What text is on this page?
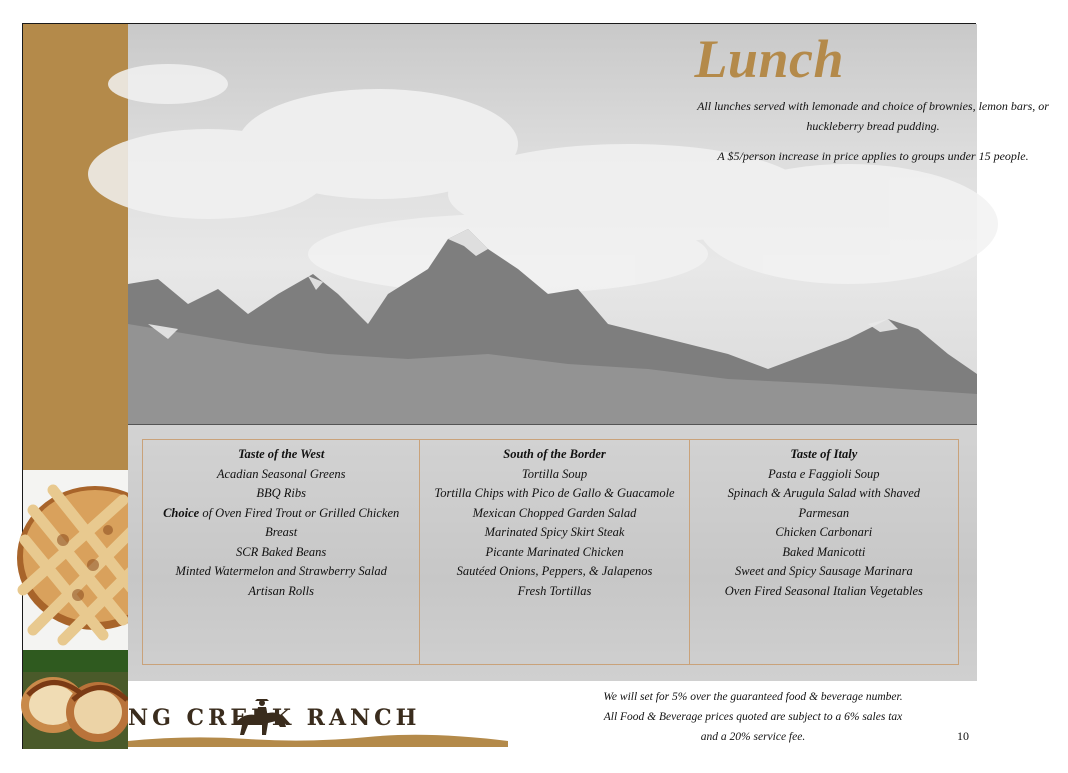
Lunch

All lunches served with lemonade and choice of brownies, lemon bars, or huckleberry bread pudding.

A $5/person increase in price applies to groups under 15 people.

Taste of the West
Acadian Seasonal Greens
BBQ Ribs
Choice of Oven Fired Trout or Grilled Chicken
Breast
SCR Baked Beans
Minted Watermelon and Strawberry Salad
Artisan Rolls
South of the Border
Tortilla Soup
Tortilla Chips with Pico de Gallo & Guacamole
Mexican Chopped Garden Salad
Marinated Spicy Skirt Steak
Picante Marinated Chicken
Sautéed Onions, Peppers, & Jalapenos
Fresh Tortillas
Taste of Italy
Pasta e Faggioli Soup
Spinach & Arugula Salad with Shaved
Parmesan
Chicken Carbonari
Baked Manicotti
Sweet and Spicy Sausage Marinara
Oven Fired Seasonal Italian Vegetables
NG CREEK RANCH

We will set for 5% over the guaranteed food & beverage number.

All Food & Beverage prices quoted are subject to a 6% sales tax

and a 20% service fee.	10
